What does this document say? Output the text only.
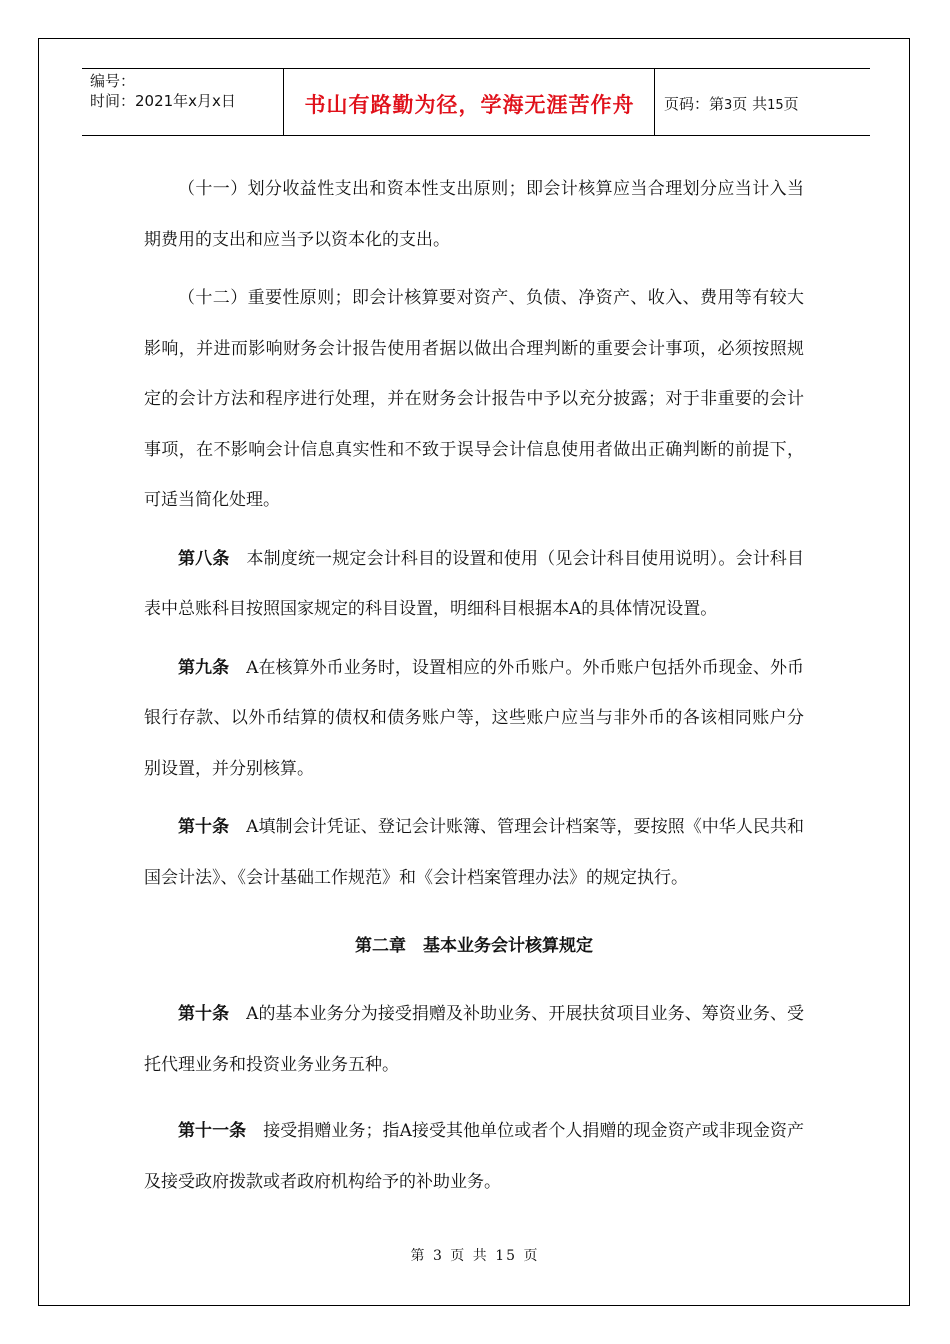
编号：
时间：2021年x月x日	书山有路勤为径，学海无涯苦作舟	页码：第3页 共15页

（十一）划分收益性支出和资本性支出原则；即会计核算应当合理划分应当计入当期费用的支出和应当予以资本化的支出。

（十二）重要性原则；即会计核算要对资产、负债、净资产、收入、费用等有较大影响，并进而影响财务会计报告使用者据以做出合理判断的重要会计事项，必须按照规定的会计方法和程序进行处理，并在财务会计报告中予以充分披露；对于非重要的会计事项，在不影响会计信息真实性和不致于误导会计信息使用者做出正确判断的前提下，可适当简化处理。

第八条 本制度统一规定会计科目的设置和使用（见会计科目使用说明）。会计科目表中总账科目按照国家规定的科目设置，明细科目根据本A的具体情况设置。

第九条 A在核算外币业务时，设置相应的外币账户。外币账户包括外币现金、外币银行存款、以外币结算的债权和债务账户等，这些账户应当与非外币的各该相同账户分别设置，并分别核算。

第十条 A填制会计凭证、登记会计账簿、管理会计档案等，要按照《中华人民共和国会计法》、《会计基础工作规范》和《会计档案管理办法》的规定执行。

第二章　基本业务会计核算规定

第十条 A的基本业务分为接受捐赠及补助业务、开展扶贫项目业务、筹资业务、受托代理业务和投资业务业务五种。

第十一条 接受捐赠业务；指A接受其他单位或者个人捐赠的现金资产或非现金资产及接受政府拨款或者政府机构给予的补助业务。

第 3 页 共 15 页
